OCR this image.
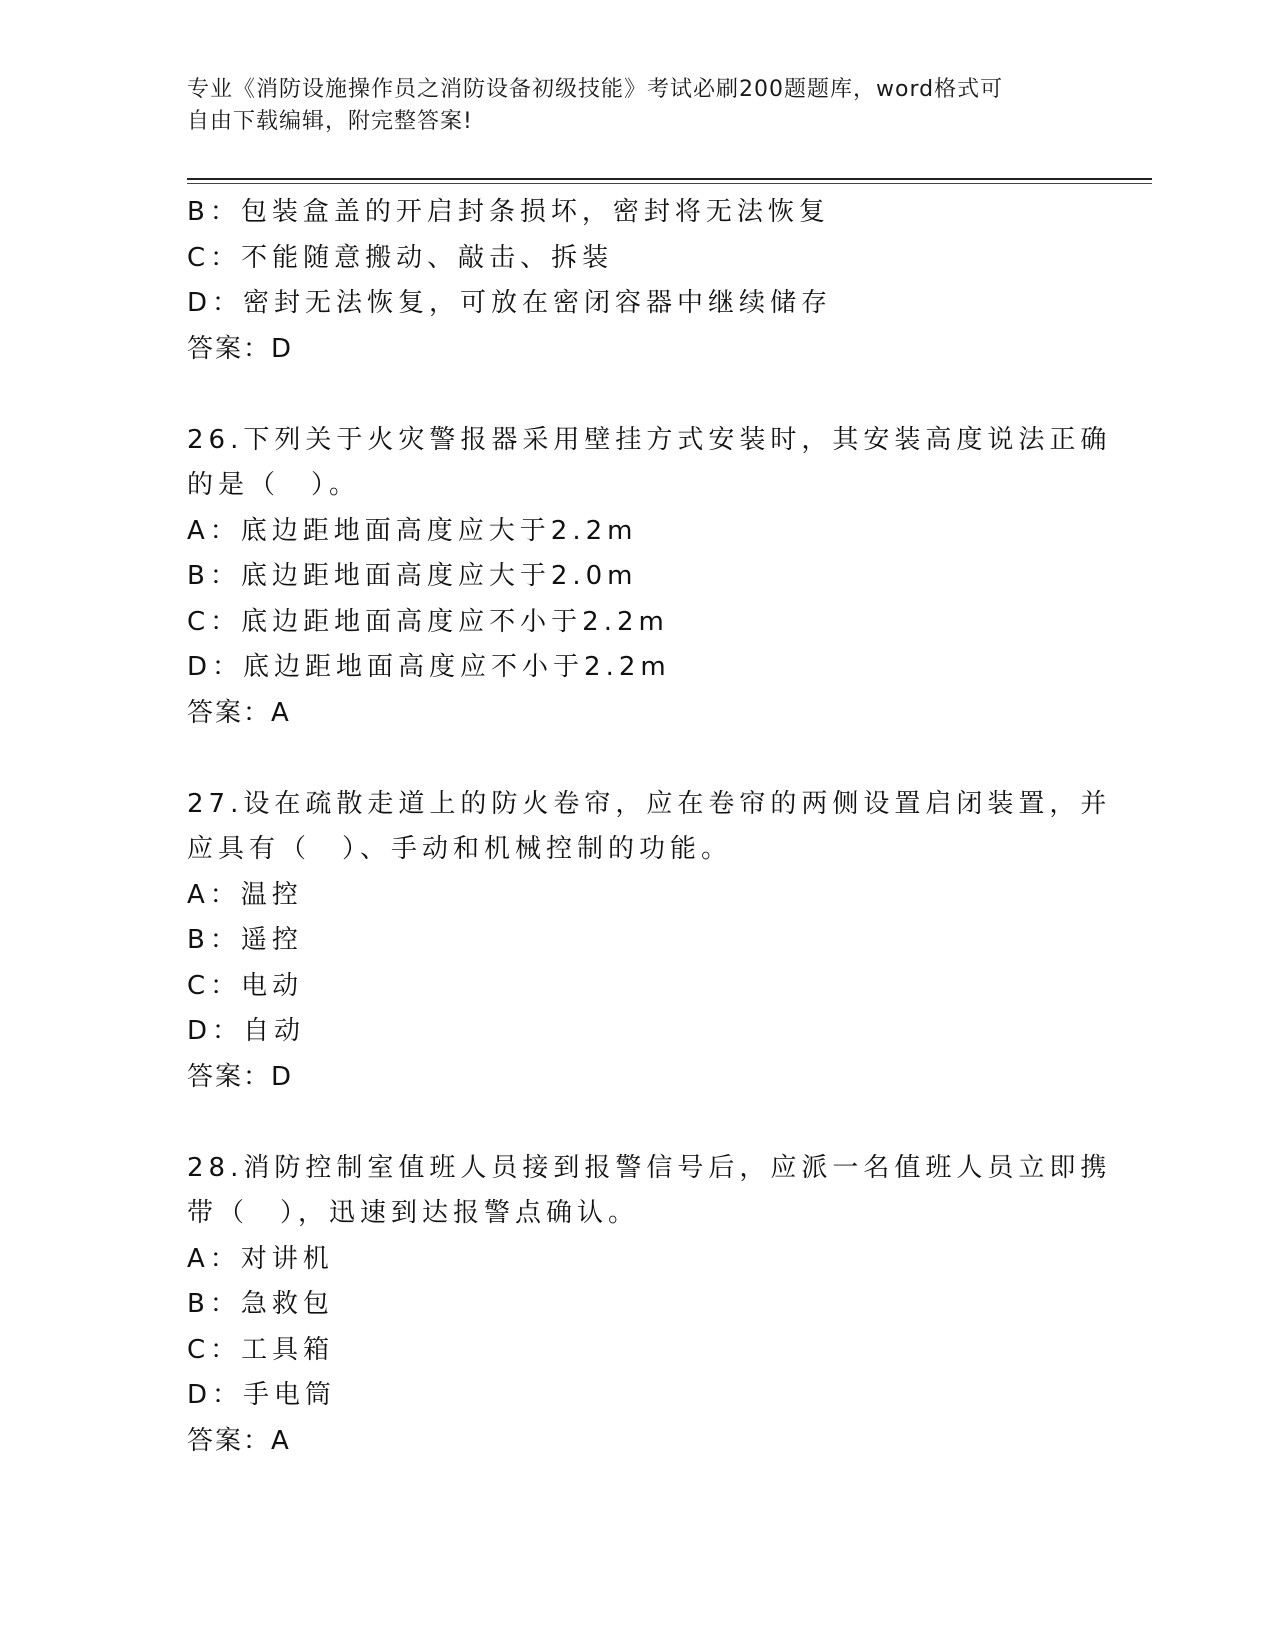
专业《消防设施操作员之消防设备初级技能》考试必刷200题题库，word格式可
自由下载编辑，附完整答案!
B：包装盒盖的开启封条损坏，密封将无法恢复
C：不能随意搬动、敲击、拆装
D：密封无法恢复，可放在密闭容器中继续储存
答案：D
26.下列关于火灾警报器采用壁挂方式安装时，其安装高度说法正确的是（　）。
A：底边距地面高度应大于2.2m
B：底边距地面高度应大于2.0m
C：底边距地面高度应不小于2.2m
D：底边距地面高度应不小于2.2m
答案：A
27.设在疏散走道上的防火卷帘，应在卷帘的两侧设置启闭装置，并应具有（　）、手动和机械控制的功能。
A：温控
B：遥控
C：电动
D：自动
答案：D
28.消防控制室值班人员接到报警信号后，应派一名值班人员立即携带（　），迅速到达报警点确认。
A：对讲机
B：急救包
C：工具箱
D：手电筒
答案：A
